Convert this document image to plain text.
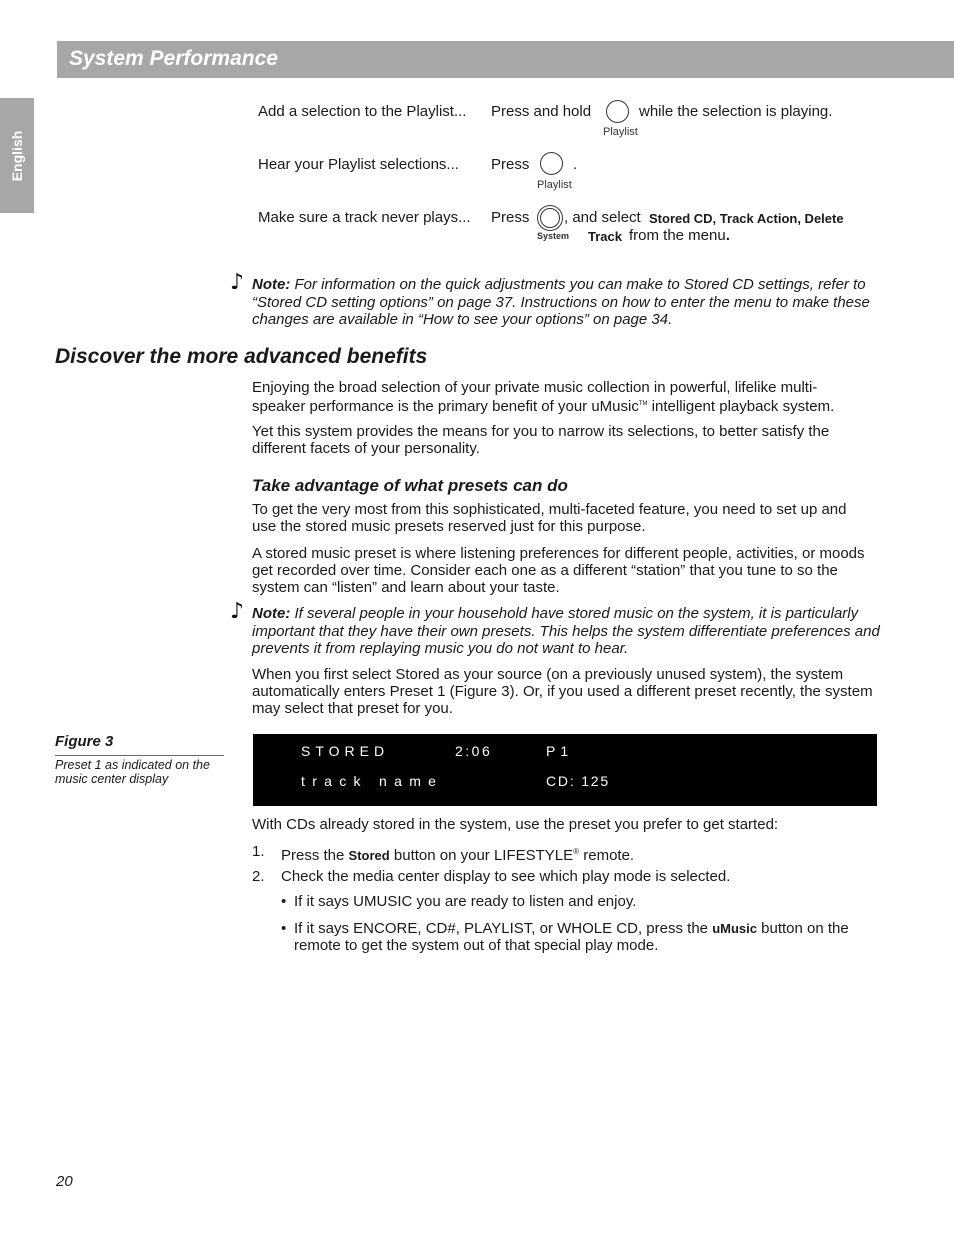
System Performance
English
Add a selection to the Playlist... Press and hold
Playlist
while the selection is playing.
Hear your Playlist selections... Press
Playlist
.
Make sure a track never plays... Press
System
, and select Stored CD, Track Action, Delete
Track from the menu.
♪ Note: For information on the quick adjustments you can make to Stored CD settings, refer to
“Stored CD setting options” on page 37. Instructions on how to enter the menu to make these
changes are available in “How to see your options” on page 34.
Discover the more advanced benefits
Enjoying the broad selection of your private music collection in powerful, lifelike multi-
speaker performance is the primary benefit of your uMusic™ intelligent playback system.
Yet this system provides the means for you to narrow its selections, to better satisfy the
different facets of your personality.
Take advantage of what presets can do
To get the very most from this sophisticated, multi-faceted feature, you need to set up and
use the stored music presets reserved just for this purpose.
A stored music preset is where listening preferences for different people, activities, or moods
get recorded over time. Consider each one as a different “station” that you tune to so the
system can “listen” and learn about your taste.
♪ Note: If several people in your household have stored music on the system, it is particularly
important that they have their own presets. This helps the system differentiate preferences and
prevents it from replaying music you do not want to hear.
When you first select Stored as your source (on a previously unused system), the system
automatically enters Preset 1 (Figure 3). Or, if you used a different preset recently, the system
may select that preset for you.
Figure 3
Preset 1 as indicated on the
music center display
STORED	2:06	P1
track name	CD: 125
With CDs already stored in the system, use the preset you prefer to get started:
1. Press the Stored button on your LIFESTYLE® remote.
2. Check the media center display to see which play mode is selected.
• If it says UMUSIC you are ready to listen and enjoy.
• If it says ENCORE, CD#, PLAYLIST, or WHOLE CD, press the uMusic button on the
remote to get the system out of that special play mode.
20
